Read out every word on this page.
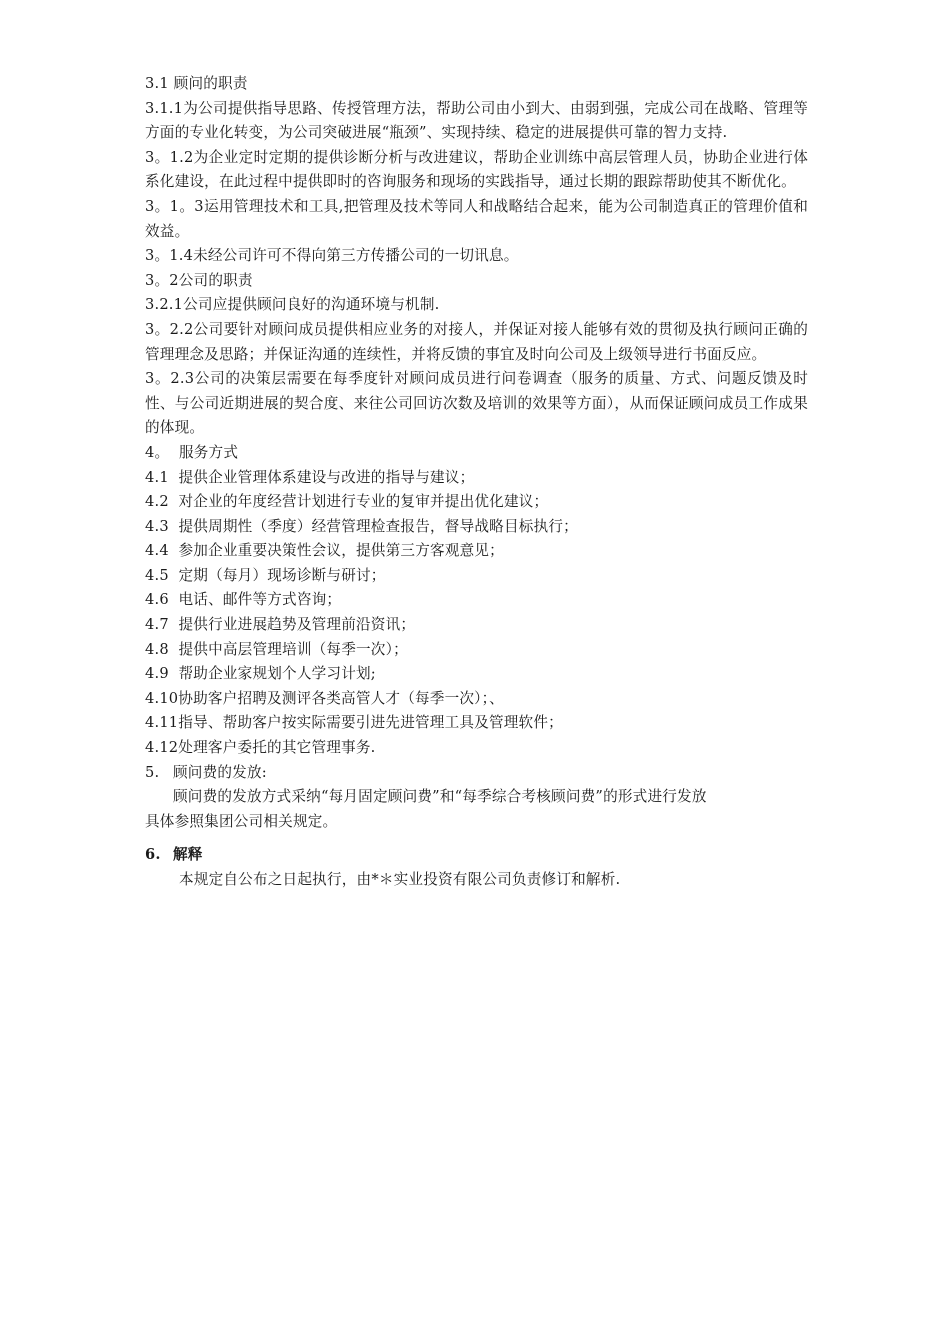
3.1 顾问的职责

3.1.1为公司提供指导思路、传授管理方法，帮助公司由小到大、由弱到强，完成公司在战略、管理等方面的专业化转变，为公司突破进展“瓶颈”、实现持续、稳定的进展提供可靠的智力支持.

3。1.2为企业定时定期的提供诊断分析与改进建议，帮助企业训练中高层管理人员，协助企业进行体系化建设，在此过程中提供即时的咨询服务和现场的实践指导，通过长期的跟踪帮助使其不断优化。

3。1。3运用管理技术和工具,把管理及技术等同人和战略结合起来，能为公司制造真正的管理价值和效益。

3。1.4未经公司许可不得向第三方传播公司的一切讯息。

3。2公司的职责

3.2.1公司应提供顾问良好的沟通环境与机制.

3。2.2公司要针对顾问成员提供相应业务的对接人，并保证对接人能够有效的贯彻及执行顾问正确的管理理念及思路；并保证沟通的连续性，并将反馈的事宜及时向公司及上级领导进行书面反应。

3。2.3公司的决策层需要在每季度针对顾问成员进行问卷调查（服务的质量、方式、问题反馈及时性、与公司近期进展的契合度、来往公司回访次数及培训的效果等方面），从而保证顾问成员工作成果的体现。

4。  服务方式

4.1  提供企业管理体系建设与改进的指导与建议；

4.2  对企业的年度经营计划进行专业的复审并提出优化建议；

4.3  提供周期性（季度）经营管理检查报告，督导战略目标执行；

4.4  参加企业重要决策性会议，提供第三方客观意见；

4.5  定期（每月）现场诊断与研讨；

4.6  电话、邮件等方式咨询；

4.7  提供行业进展趋势及管理前沿资讯；

4.8  提供中高层管理培训（每季一次）；

4.9  帮助企业家规划个人学习计划;

4.10协助客户招聘及测评各类高管人才（每季一次）；、

4.11指导、帮助客户按实际需要引进先进管理工具及管理软件；

4.12处理客户委托的其它管理事务.

5. 顾问费的发放:

顾问费的发放方式采纳“每月固定顾问费”和“每季综合考核顾问费”的形式进行发放

具体参照集团公司相关规定。

6. 解释

本规定自公布之日起执行，由*＊实业投资有限公司负责修订和解析.
